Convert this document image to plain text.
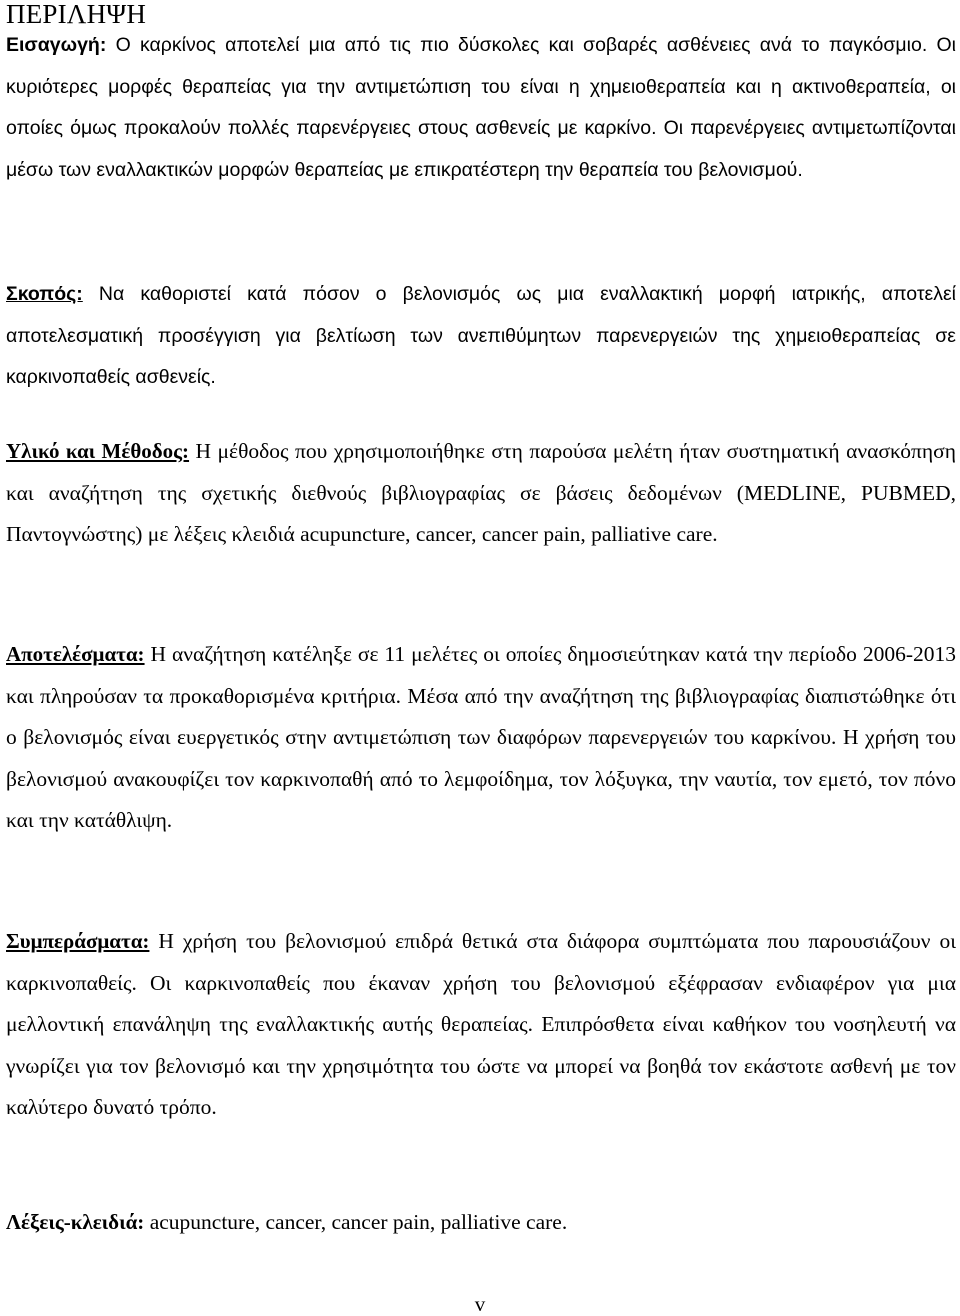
ΠΕΡΙΛΗΨΗ

Εισαγωγή: Ο καρκίνος αποτελεί μια από τις πιο δύσκολες και σοβαρές ασθένειες ανά το παγκόσμιο. Οι κυριότερες μορφές θεραπείας για την αντιμετώπιση του είναι η χημειοθεραπεία και η ακτινοθεραπεία, οι οποίες όμως προκαλούν πολλές παρενέργειες στους ασθενείς με καρκίνο. Οι παρενέργειες αντιμετωπίζονται μέσω των εναλλακτικών μορφών θεραπείας με επικρατέστερη την θεραπεία του βελονισμού.

Σκοπός: Να καθοριστεί κατά πόσον ο βελονισμός ως μια εναλλακτική μορφή ιατρικής, αποτελεί αποτελεσματική προσέγγιση για βελτίωση των ανεπιθύμητων παρενεργειών της χημειοθεραπείας σε καρκινοπαθείς ασθενείς.

Υλικό και Μέθοδος: Η μέθοδος που χρησιμοποιήθηκε στη παρούσα μελέτη ήταν συστηματική ανασκόπηση και αναζήτηση της σχετικής διεθνούς βιβλιογραφίας σε βάσεις δεδομένων (MEDLINE, PUBMED, Παντογνώστης) με λέξεις κλειδιά acupuncture, cancer, cancer pain, palliative care.

Αποτελέσματα: Η αναζήτηση κατέληξε σε 11 μελέτες οι οποίες δημοσιεύτηκαν κατά την περίοδο 2006-2013 και πληρούσαν τα προκαθορισμένα κριτήρια. Μέσα από την αναζήτηση της βιβλιογραφίας διαπιστώθηκε ότι ο βελονισμός είναι ευεργετικός στην αντιμετώπιση των διαφόρων παρενεργειών του καρκίνου. Η χρήση του βελονισμού ανακουφίζει τον καρκινοπαθή από το λεμφοίδημα, τον λόξυγκα, την ναυτία, τον εμετό, τον πόνο και την κατάθλιψη.

Συμπεράσματα: Η χρήση του βελονισμού επιδρά θετικά στα διάφορα συμπτώματα που παρουσιάζουν οι καρκινοπαθείς. Οι καρκινοπαθείς που έκαναν χρήση του βελονισμού εξέφρασαν ενδιαφέρον για μια μελλοντική επανάληψη της εναλλακτικής αυτής θεραπείας. Επιπρόσθετα είναι καθήκον του νοσηλευτή να γνωρίζει για τον βελονισμό και την χρησιμότητα του ώστε να μπορεί να βοηθά τον εκάστοτε ασθενή με τον καλύτερο δυνατό τρόπο.

Λέξεις-κλειδιά: acupuncture, cancer, cancer pain, palliative care.

v
